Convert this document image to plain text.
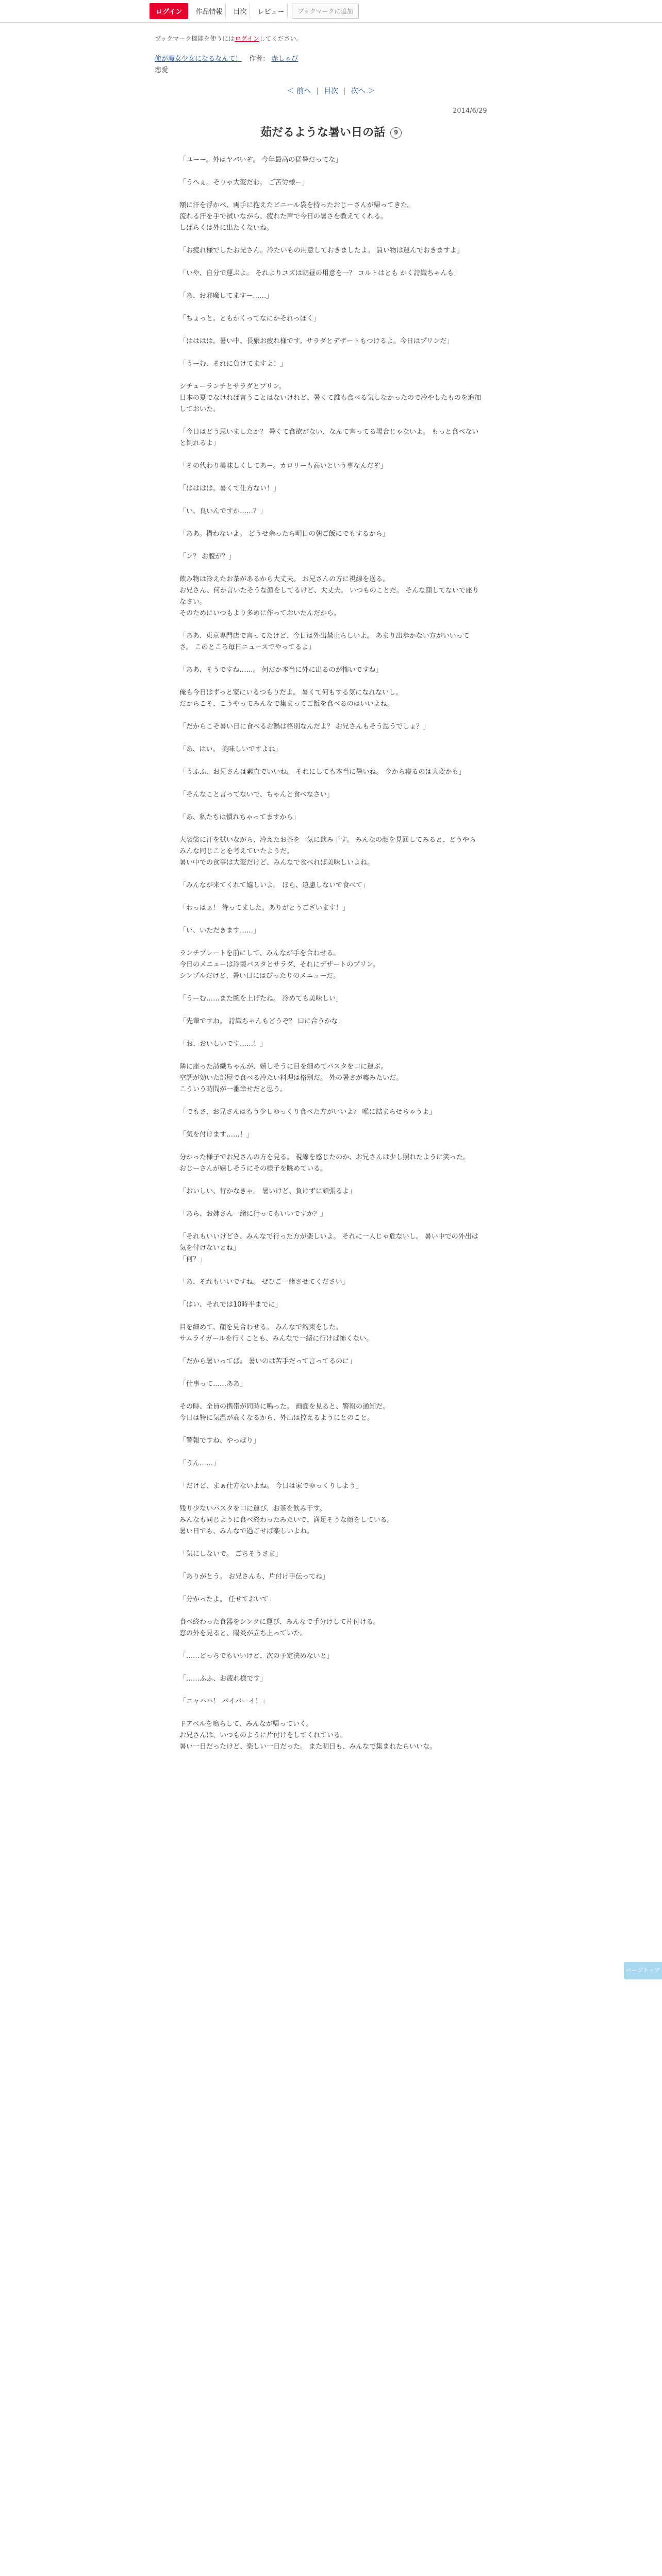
ログイン	作品情報	目次	レビュー	ブックマークに追加
ブックマーク機能を使うにはログインしてください。
俺が魔女少女になるなんて！ 作者： 赤しゃび
恋愛
＜ 前へ | 目次 | 次へ ＞
2014/6/29
茹だるような暑い日の話 9

「ユーー。外はヤバいぞ。 今年最高の猛暑だってな」

「うへぇ。そりゃ大変だわ。 ご苦労様ー」

額に汗を浮かべ、両手に抱えたビニール袋を持ったおじーさんが帰ってきた。
流れる汗を手で拭いながら、疲れた声で今日の暑さを教えてくれる。
しばらくは外に出たくないね。

「お疲れ様でしたお兄さん。冷たいもの用意しておきましたよ。 買い物は運んでおきますよ」

「いや、自分で運ぶよ。 それよりユズは朝昼の用意を一？ コルトはとも かく詩織ちゃんも」

「あ、お邪魔してますー……」

「ちょっと。ともかくってなにかそれっぽく」

「はははは。暑い中、長旅お疲れ様です。サラダとデザートもつけるよ。今日はプリンだ」

「うーむ、それに負けてますよ！」

シチューランチとサラダとプリン。
日本の夏でなければ言うことはないけれど、暑くて誰も食べる気しなかったので冷やしたものを追加しておいた。

「今日はどう思いましたか？ 暑くて食欲がない、なんて言ってる場合じゃないよ。 もっと食べないと倒れるよ」

「その代わり美味しくしてあー。カロリーも高いという事なんだぞ」

「はははは。暑くて仕方ない！」

「い、良いんですか……？」

「ああ。構わないよ。 どうせ余ったら明日の朝ご飯にでもするから」

「ン？ お腹が？」

飲み物は冷えたお茶があるから大丈夫。 お兄さんの方に視線を送る。
お兄さん、何か言いたそうな顔をしてるけど、大丈夫。 いつものことだ。 そんな顔してないで座りなさい。
そのためにいつもより多めに作っておいたんだから。

「ああ、東京専門店で言ってたけど、今日は外出禁止らしいよ。 あまり出歩かない方がいいってさ。 このところ毎日ニュースでやってるよ」

「ああ、そうですね……。 何だか本当に外に出るのが怖いですね」

俺も今日はずっと家にいるつもりだよ。 暑くて何もする気になれないし。
だからこそ、こうやってみんなで集まってご飯を食べるのはいいよね。

「だからこそ暑い日に食べるお鍋は格別なんだよ？ お兄さんもそう思うでしょ？」

「あ、はい。 美味しいですよね」

「うふふ、お兄さんは素直でいいね。 それにしても本当に暑いね。 今から寝るのは大変かも」

「そんなこと言ってないで、ちゃんと食べなさい」

「あ、私たちは慣れちゃってますから」

大袈裟に汗を拭いながら、冷えたお茶を一気に飲み干す。 みんなの顔を見回してみると、どうやらみんな同じことを考えていたようだ。
暑い中での食事は大変だけど、みんなで食べれば美味しいよね。

「みんなが来てくれて嬉しいよ。 ほら、遠慮しないで食べて」

「わっはぁ！ 待ってました。ありがとうございます！」

「い、いただきます……」

ランチプレートを前にして、みんなが手を合わせる。
今日のメニューは冷製パスタとサラダ、それにデザートのプリン。
シンプルだけど、暑い日にはぴったりのメニューだ。

「うーむ……また腕を上げたね。 冷めても美味しい」

「先輩ですね。 詩織ちゃんもどうぞ？ 口に合うかな」

「お、おいしいです……！」

隣に座った詩織ちゃんが、嬉しそうに目を細めてパスタを口に運ぶ。
空調が効いた部屋で食べる冷たい料理は格別だ。 外の暑さが嘘みたいだ。
こういう時間が一番幸せだと思う。

「でもさ、お兄さんはもう少しゆっくり食べた方がいいよ？ 喉に詰まらせちゃうよ」

「気を付けます……！」

分かった様子でお兄さんの方を見る。 視線を感じたのか、お兄さんは少し照れたように笑った。
おじーさんが嬉しそうにその様子を眺めている。

「おいしい、行かなきゃ。 暑いけど、負けずに頑張るよ」

「あら、お姉さん一緒に行ってもいいですか？」

「それもいいけどさ、みんなで行った方が楽しいよ。 それに一人じゃ危ないし。 暑い中での外出は気を付けないとね」
「何？」

「あ、それもいいですね。 ぜひご一緒させてください」

「はい、それでは10時半までに」

目を細めて、顔を見合わせる。 みんなで約束をした。
サムライガールを行くことも、みんなで一緒に行けば怖くない。

「だから暑いってば。 暑いのは苦手だって言ってるのに」

「仕事って……ああ」

その時、全員の携帯が同時に鳴った。 画面を見ると、警報の通知だ。
今日は特に気温が高くなるから、外出は控えるようにとのこと。

「警報ですね、やっぱり」

「うん……」

「だけど、まぁ仕方ないよね。 今日は家でゆっくりしよう」

残り少ないパスタを口に運び、お茶を飲み干す。
みんなも同じように食べ終わったみたいで、満足そうな顔をしている。
暑い日でも、みんなで過ごせば楽しいよね。

「気にしないで。 ごちそうさま」

「ありがとう。 お兄さんも、片付け手伝ってね」

「分かったよ。 任せておいて」

食べ終わった食器をシンクに運び、みんなで手分けして片付ける。
窓の外を見ると、陽炎が立ち上っていた。

「……どっちでもいいけど、次の予定決めないと」

「……ふふ、お疲れ様です」

「ニャハハ！ バイバーイ！」

ドアベルを鳴らして、みんなが帰っていく。
お兄さんは、いつものように片付けをしてくれている。
暑い一日だったけど、楽しい一日だった。 また明日も、みんなで集まれたらいいな。

ページトップへ
